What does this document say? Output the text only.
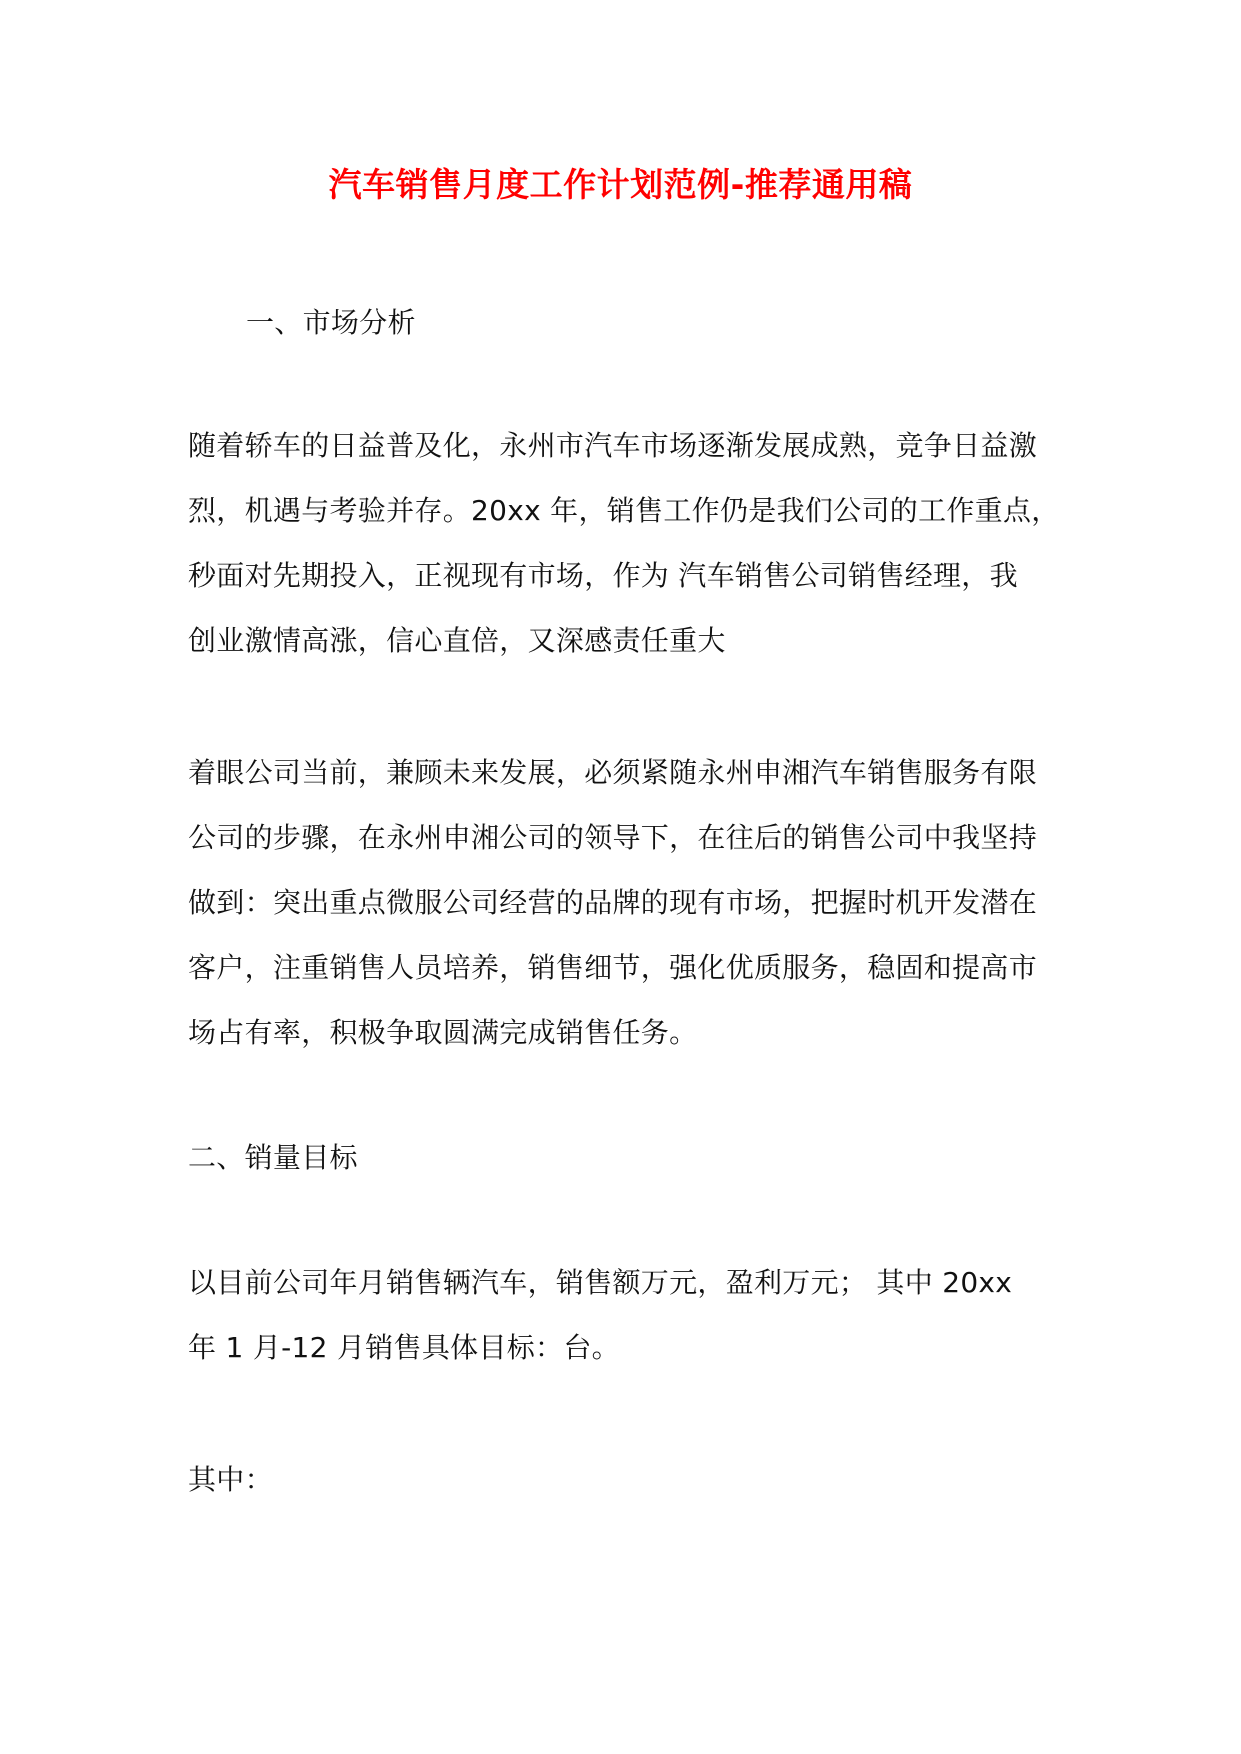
汽车销售月度工作计划范例-推荐通用稿

一、市场分析

随着轿车的日益普及化，永州市汽车市场逐渐发展成熟，竞争日益激
烈，机遇与考验并存。20xx 年，销售工作仍是我们公司的工作重点，
秒面对先期投入，正视现有市场，作为 汽车销售公司销售经理，我
创业激情高涨，信心直倍，又深感责任重大

着眼公司当前，兼顾未来发展，必须紧随永州申湘汽车销售服务有限
公司的步骤，在永州申湘公司的领导下，在往后的销售公司中我坚持
做到：突出重点微服公司经营的品牌的现有市场，把握时机开发潜在
客户，注重销售人员培养，销售细节，强化优质服务，稳固和提高市
场占有率，积极争取圆满完成销售任务。

二、销量目标

以目前公司年月销售辆汽车，销售额万元，盈利万元； 其中 20xx
年 1 月-12 月销售具体目标：台。

其中：
